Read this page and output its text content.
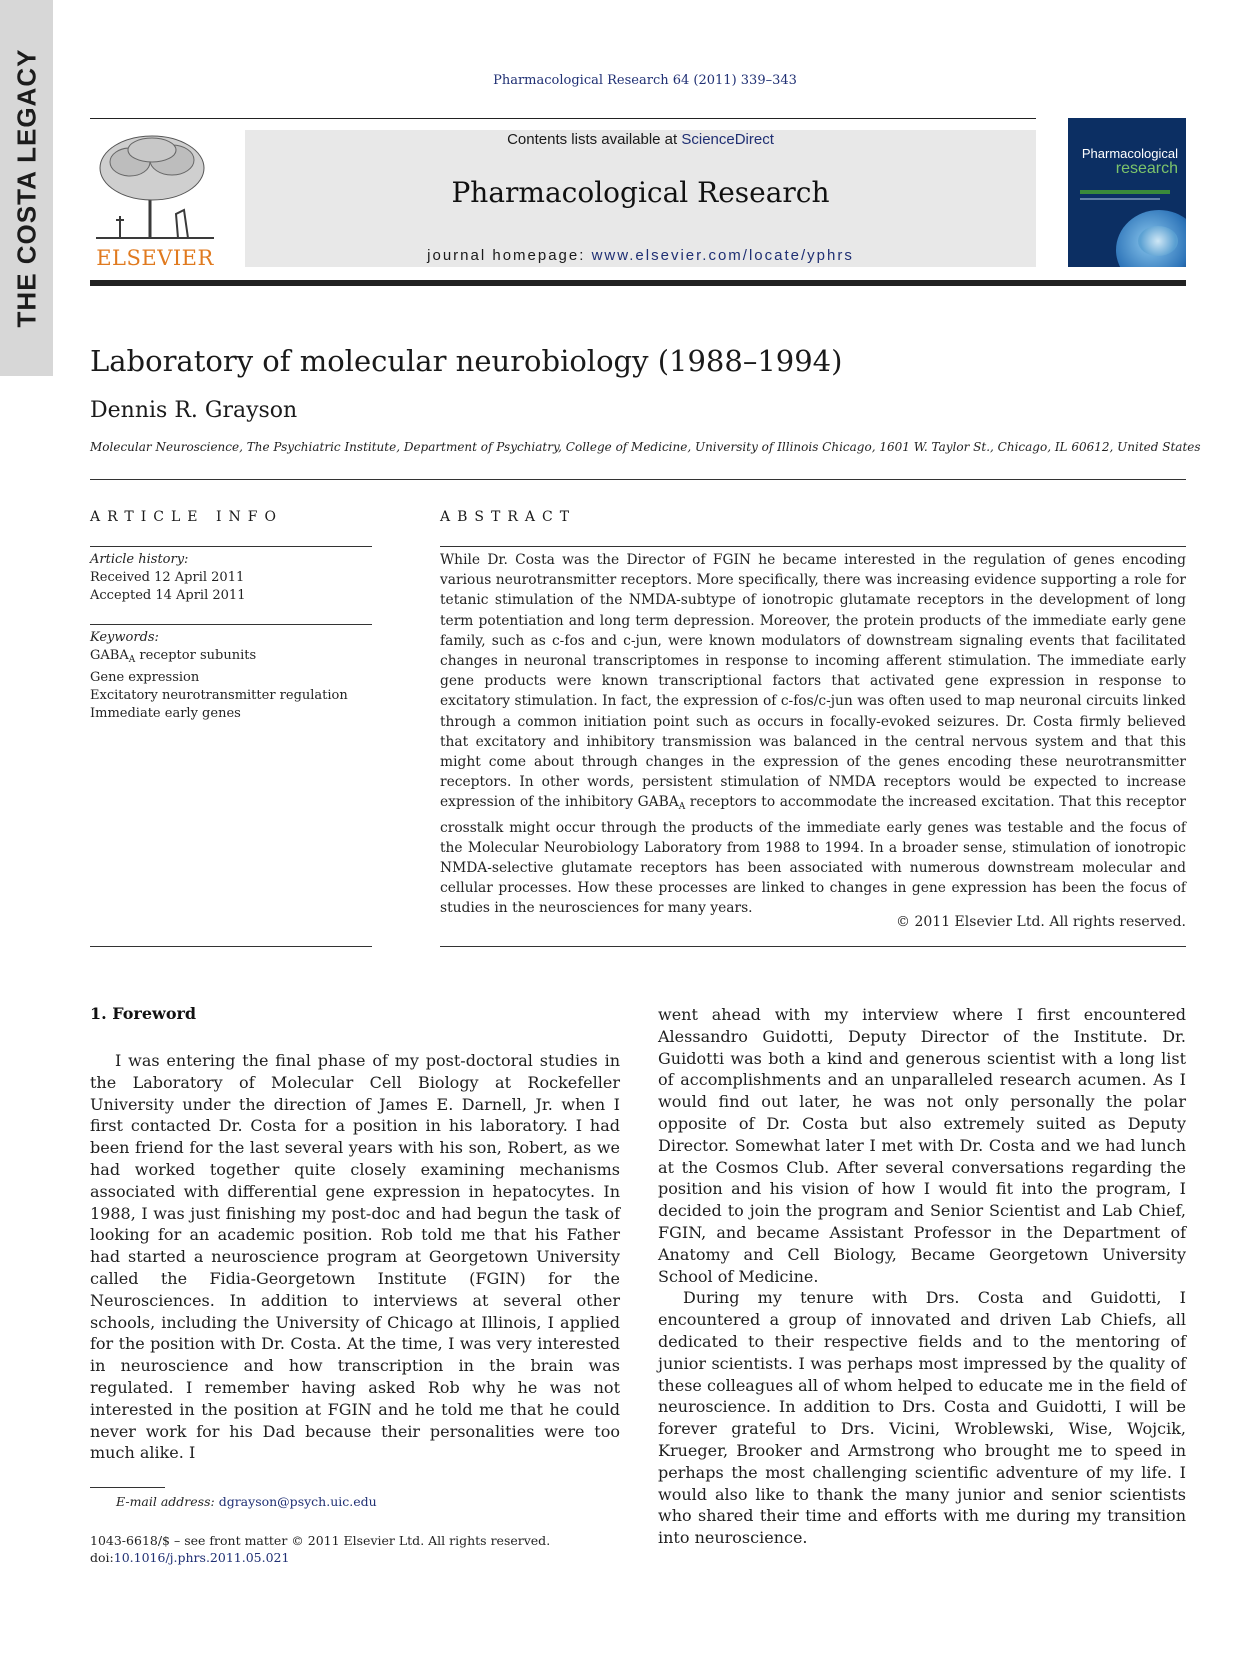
THE COSTA LEGACY	Pharmacological Research 64 (2011) 339–343
ELSEVIER
Contents lists available at ScienceDirect
Pharmacological Research
journal homepage: www.elsevier.com/locate/yphrs
Pharmacological
research
Laboratory of molecular neurobiology (1988–1994)
Dennis R. Grayson
Molecular Neuroscience, The Psychiatric Institute, Department of Psychiatry, College of Medicine, University of Illinois Chicago, 1601 W. Taylor St., Chicago, IL 60612, United States
ARTICLE INFO
Article history:
Received 12 April 2011
Accepted 14 April 2011
Keywords:
$GABA_A$ receptor subunits
Gene expression
Excitatory neurotransmitter regulation
Immediate early genes
ABSTRACT

While Dr. Costa was the Director of FGIN he became interested in the regulation of genes encoding various neurotransmitter receptors. More specifically, there was increasing evidence supporting a role for tetanic stimulation of the NMDA-subtype of ionotropic glutamate receptors in the development of long term potentiation and long term depression. Moreover, the protein products of the immediate early gene family, such as c-fos and c-jun, were known modulators of downstream signaling events that facilitated changes in neuronal transcriptomes in response to incoming afferent stimulation. The immediate early gene products were known transcriptional factors that activated gene expression in response to excitatory stimulation. In fact, the expression of c-fos/c-jun was often used to map neuronal circuits linked through a common initiation point such as occurs in focally-evoked seizures. Dr. Costa firmly believed that excitatory and inhibitory transmission was balanced in the central nervous system and that this might come about through changes in the expression of the genes encoding these neurotransmitter receptors. In other words, persistent stimulation of NMDA receptors would be expected to increase expression of the inhibitory $GABA_A$ receptors to accommodate the increased excitation. That this receptor crosstalk might occur through the products of the immediate early genes was testable and the focus of the Molecular Neurobiology Laboratory from 1988 to 1994. In a broader sense, stimulation of ionotropic NMDA-selective glutamate receptors has been associated with numerous downstream molecular and cellular processes. How these processes are linked to changes in gene expression has been the focus of studies in the neurosciences for many years.

© 2011 Elsevier Ltd. All rights reserved.
1. Foreword

I was entering the final phase of my post-doctoral studies in the Laboratory of Molecular Cell Biology at Rockefeller University under the direction of James E. Darnell, Jr. when I first contacted Dr. Costa for a position in his laboratory. I had been friend for the last several years with his son, Robert, as we had worked together quite closely examining mechanisms associated with differential gene expression in hepatocytes. In 1988, I was just finishing my post-doc and had begun the task of looking for an academic position. Rob told me that his Father had started a neuroscience program at Georgetown University called the Fidia-Georgetown Institute (FGIN) for the Neurosciences. In addition to interviews at several other schools, including the University of Chicago at Illinois, I applied for the position with Dr. Costa. At the time, I was very interested in neuroscience and how transcription in the brain was regulated. I remember having asked Rob why he was not interested in the position at FGIN and he told me that he could never work for his Dad because their personalities were too much alike. I

went ahead with my interview where I first encountered Alessandro Guidotti, Deputy Director of the Institute. Dr. Guidotti was both a kind and generous scientist with a long list of accomplishments and an unparalleled research acumen. As I would find out later, he was not only personally the polar opposite of Dr. Costa but also extremely suited as Deputy Director. Somewhat later I met with Dr. Costa and we had lunch at the Cosmos Club. After several conversations regarding the position and his vision of how I would fit into the program, I decided to join the program and Senior Scientist and Lab Chief, FGIN, and became Assistant Professor in the Department of Anatomy and Cell Biology, Became Georgetown University School of Medicine.

During my tenure with Drs. Costa and Guidotti, I encountered a group of innovated and driven Lab Chiefs, all dedicated to their respective fields and to the mentoring of junior scientists. I was perhaps most impressed by the quality of these colleagues all of whom helped to educate me in the field of neuroscience. In addition to Drs. Costa and Guidotti, I will be forever grateful to Drs. Vicini, Wroblewski, Wise, Wojcik, Krueger, Brooker and Armstrong who brought me to speed in perhaps the most challenging scientific adventure of my life. I would also like to thank the many junior and senior scientists who shared their time and efforts with me during my transition into neuroscience.

E-mail address: dgrayson@psych.uic.edu
1043-6618/$ – see front matter © 2011 Elsevier Ltd. All rights reserved.
doi:10.1016/j.phrs.2011.05.021
